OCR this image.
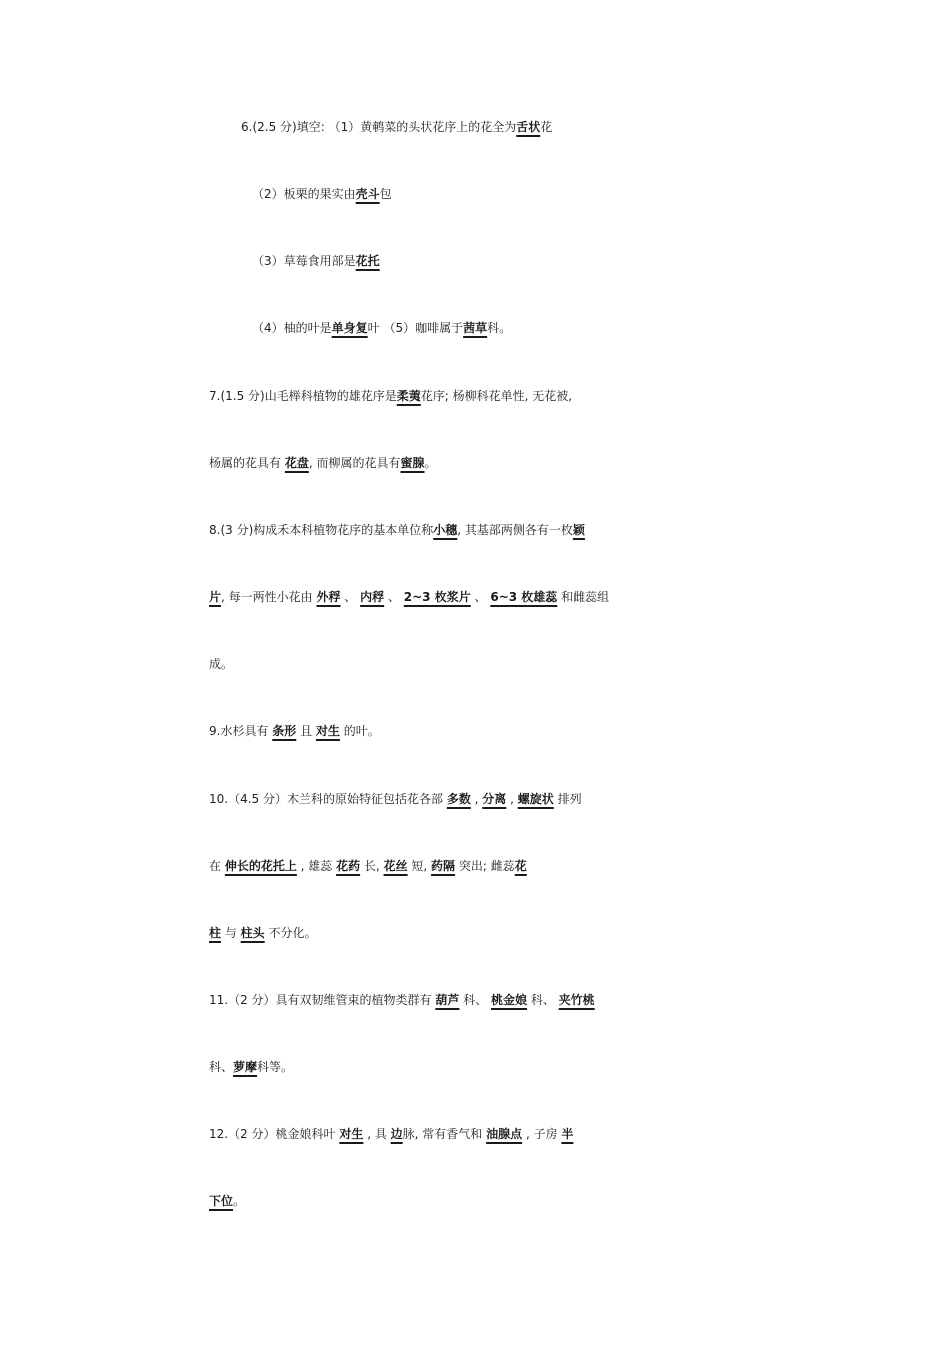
6.(2.5 分)填空: （1）黄鹌菜的头状花序上的花全为舌状花
（2）板栗的果实由壳斗包
（3）草莓食用部是花托
（4）柚的叶是单身复叶 （5）咖啡属于茜草科。
7.(1.5 分)山毛榉科植物的雄花序是柔荑花序; 杨柳科花单性, 无花被,
杨属的花具有 花盘, 而柳属的花具有蜜腺。
8.(3 分)构成禾本科植物花序的基本单位称小穗, 其基部两侧各有一枚颖
片, 每一两性小花由 外稃 、 内稃 、 2~3 枚浆片 、 6~3 枚雄蕊 和雌蕊组
成。
9.水杉具有 条形 且 对生 的叶。
10.（4.5 分）木兰科的原始特征包括花各部 多数 , 分离 , 螺旋状 排列
在 伸长的花托上 , 雄蕊 花药 长, 花丝 短, 药隔 突出; 雌蕊花
柱 与 柱头 不分化。
11.（2 分）具有双韧维管束的植物类群有 葫芦 科、 桃金娘 科、 夹竹桃
科、萝摩科等。
12.（2 分）桃金娘科叶 对生 , 具 边脉, 常有香气和 油腺点 , 子房 半
下位。
